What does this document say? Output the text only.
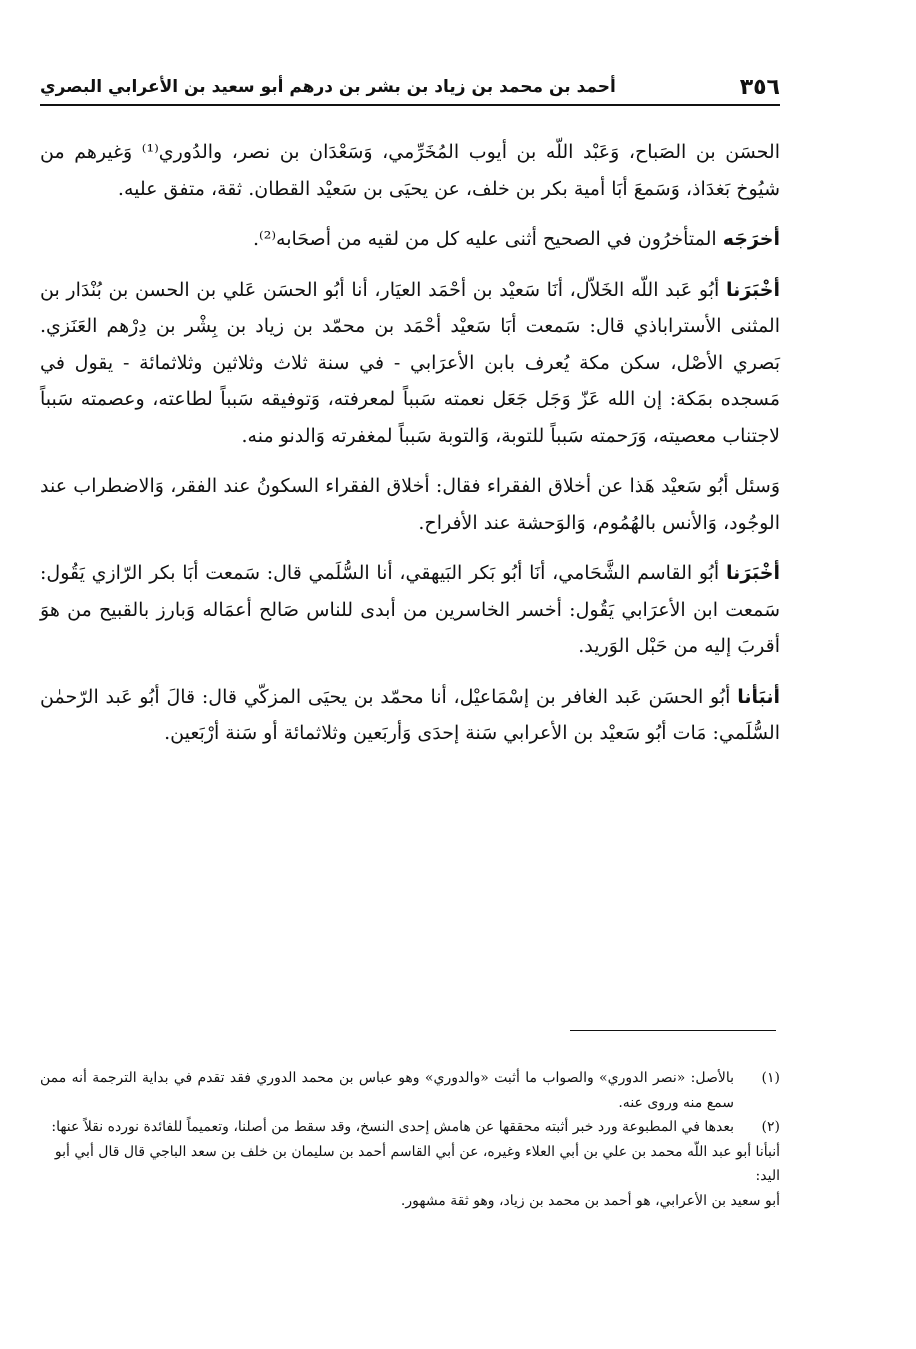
٣٥٦
أحمد بن محمد بن زياد بن بشر بن درهم أبو سعيد بن الأعرابي البصري

الحسَن بن الصَباح، وَعَبْد اللّه بن أيوب المُخَرِّمي، وَسَعْدَان بن نصر، والدُوري⁽¹⁾ وَغيرهم من شيُوخ بَغدَاذ، وَسَمعَ أبَا أمية بكر بن خلف، عن يحيَى بن سَعيْد القطان. ثقة، متفق عليه.

أخرَجَه المتأخرُون في الصحيح أثنى عليه كل من لقيه من أصحَابه⁽²⁾.

أخْبَرَنا أبُو عَبد اللّه الخَلاّل، أنَا سَعيْد بن أحْمَد العيَار، أنا أبُو الحسَن عَلي بن الحسن بن بُنْدَار بن المثنى الأستراباذي قال: سَمعت أبَا سَعيْد أحْمَد بن محمّد بن زياد بن بِشْر بن دِرْهم العَنَزي. بَصري الأصْل، سكن مكة يُعرف بابن الأعرَابي - في سنة ثلاث وثلاثين وثلاثمائة - يقول في مَسجده بمَكة: إن الله عَزّ وَجَل جَعَل نعمته سَبباً لمعرفته، وَتوفيقه سَبباً لطاعته، وعصمته سَبباً لاجتناب معصيته، وَرَحمته سَبباً للتوبة، وَالتوبة سَبباً لمغفرته وَالدنو منه.

وَسئل أبُو سَعيْد هَذا عن أخلاق الفقراء فقال: أخلاق الفقراء السكونُ عند الفقر، وَالاضطراب عند الوجُود، وَالأنس بالهُمُوم، وَالوَحشة عند الأفراح.

أخْبَرَنا أبُو القاسم الشَّحَامي، أنَا أبُو بَكر البَيهقي، أنا السُّلَمي قال: سَمعت أبَا بكر الرّازي يَقُول: سَمعت ابن الأعرَابي يَقُول: أخسر الخاسرين من أبدى للناس صَالح أعمَاله وَبارز بالقبيح من هوَ أقربَ إليه من حَبْل الوَريد.

أنبَأنا أبُو الحسَن عَبد الغافر بن إسْمَاعيْل، أنا محمّد بن يحيَى المزكّي قال: قالَ أبُو عَبد الرّحمٰن السُّلَمي: مَات أبُو سَعيْد بن الأعرابي سَنة إحدَى وَأربَعين وثلاثمائة أو سَنة أرْبَعين.

(١)
بالأصل: «نصر الدوري» والصواب ما أثبت «والدوري» وهو عباس بن محمد الدوري فقد تقدم في بداية الترجمة أنه ممن سمع منه وروى عنه.
(٢)
بعدها في المطبوعة ورد خبر أثبته محققها عن هامش إحدى النسخ، وقد سقط من أصلنا، وتعميماً للفائدة نورده نقلاً عنها:
أنبأنا أبو عبد اللّه محمد بن علي بن أبي العلاء وغيره، عن أبي القاسم أحمد بن سليمان بن خلف بن سعد الباجي قال قال أبي أبو اليد:
أبو سعيد بن الأعرابي، هو أحمد بن محمد بن زياد، وهو ثقة مشهور.
